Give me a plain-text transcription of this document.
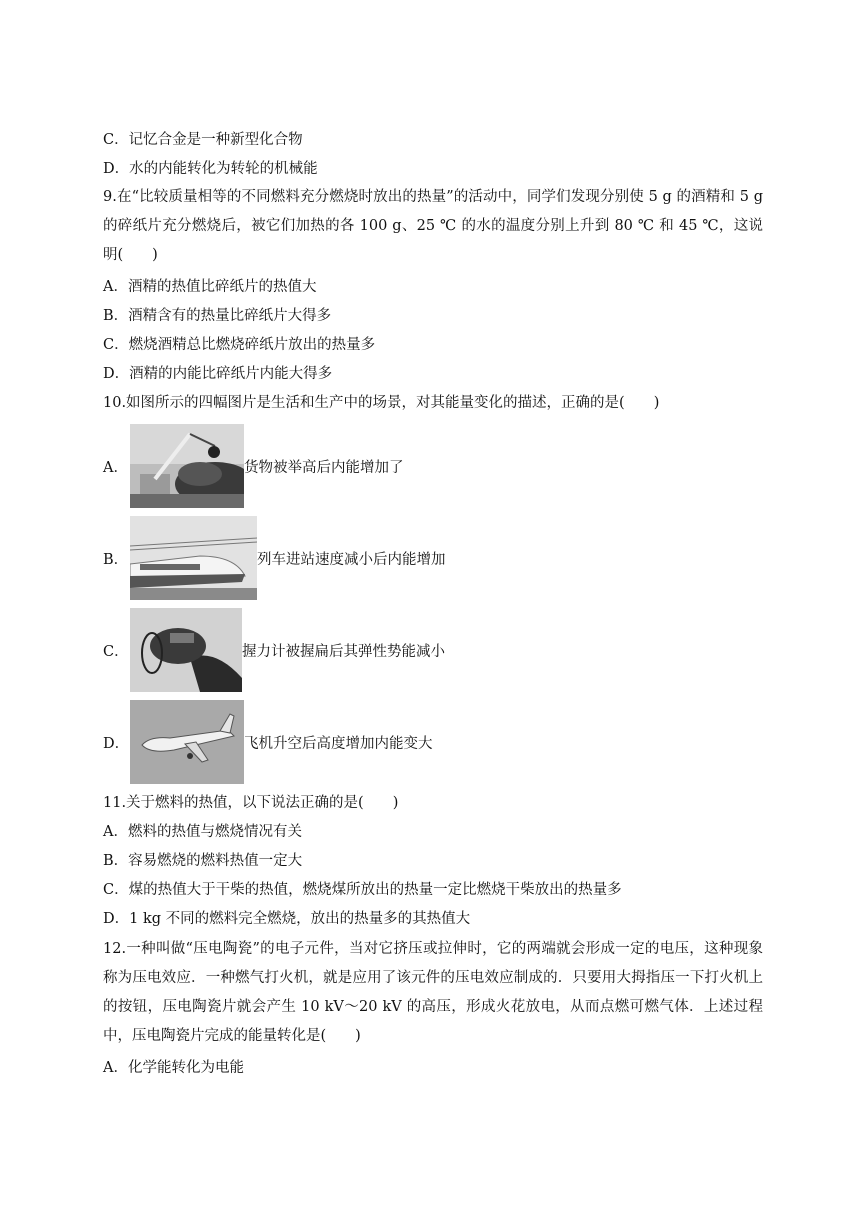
C．记忆合金是一种新型化合物
D．水的内能转化为转轮的机械能
9.在“比较质量相等的不同燃料充分燃烧时放出的热量”的活动中，同学们发现分别使 5 g 的酒精和 5 g 的碎纸片充分燃烧后，被它们加热的各 100 g、25 ℃ 的水的温度分别上升到 80 ℃ 和 45 ℃，这说明(　　)
A．酒精的热值比碎纸片的热值大
B．酒精含有的热量比碎纸片大得多
C．燃烧酒精总比燃烧碎纸片放出的热量多
D．酒精的内能比碎纸片内能大得多
10.如图所示的四幅图片是生活和生产中的场景，对其能量变化的描述，正确的是(　　)
A．	货物被举高后内能增加了
B．	列车进站速度减小后内能增加
C．	握力计被握扁后其弹性势能减小
D．	飞机升空后高度增加内能变大
11.关于燃料的热值，以下说法正确的是(　　)
A．燃料的热值与燃烧情况有关
B．容易燃烧的燃料热值一定大
C．煤的热值大于干柴的热值，燃烧煤所放出的热量一定比燃烧干柴放出的热量多
D．1 kg 不同的燃料完全燃烧，放出的热量多的其热值大
12.一种叫做“压电陶瓷”的电子元件，当对它挤压或拉伸时，它的两端就会形成一定的电压，这种现象称为压电效应．一种燃气打火机，就是应用了该元件的压电效应制成的．只要用大拇指压一下打火机上的按钮，压电陶瓷片就会产生 10 kV～20 kV 的高压，形成火花放电，从而点燃可燃气体．上述过程中，压电陶瓷片完成的能量转化是(　　)
A．化学能转化为电能
